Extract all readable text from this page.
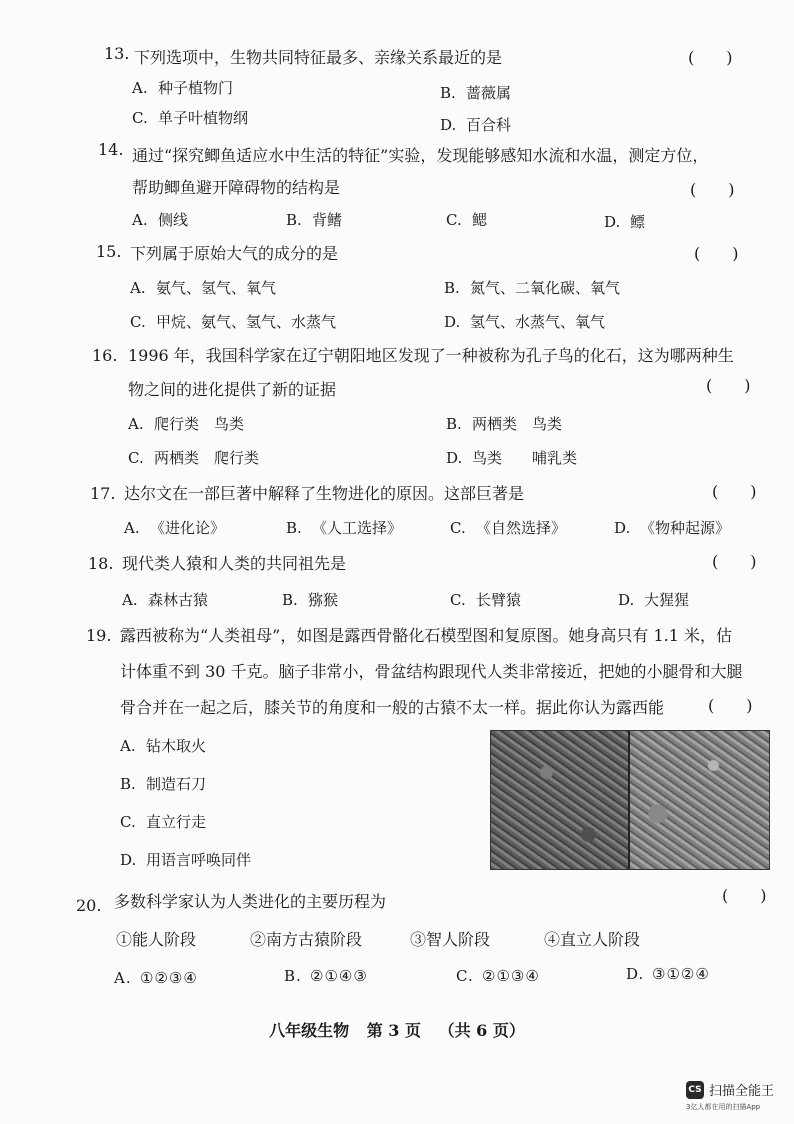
13. 下列选项中，生物共同特征最多、亲缘关系最近的是	(　　)
A. 种子植物门	B. 蔷薇属
C. 单子叶植物纲	D. 百合科
14. 通过“探究鲫鱼适应水中生活的特征”实验，发现能够感知水流和水温，测定方位，
帮助鲫鱼避开障碍物的结构是	(　　)
A. 侧线	B. 背鳍	C. 鳃	D. 鳔
15. 下列属于原始大气的成分的是	(　　)
A. 氨气、氢气、氧气	B. 氮气、二氧化碳、氧气
C. 甲烷、氨气、氢气、水蒸气	D. 氢气、水蒸气、氧气
16. 1996 年，我国科学家在辽宁朝阳地区发现了一种被称为孔子鸟的化石，这为哪两种生
物之间的进化提供了新的证据	(　　)
A. 爬行类　鸟类	B. 两栖类　鸟类
C. 两栖类　爬行类	D. 鸟类　　哺乳类
17. 达尔文在一部巨著中解释了生物进化的原因。这部巨著是	(　　)
A. 《进化论》	B. 《人工选择》	C. 《自然选择》	D. 《物种起源》
18. 现代类人猿和人类的共同祖先是	(　　)
A. 森林古猿	B. 猕猴	C. 长臂猿	D. 大猩猩
19. 露西被称为“人类祖母”，如图是露西骨骼化石模型图和复原图。她身高只有 1.1 米，估
计体重不到 30 千克。脑子非常小，骨盆结构跟现代人类非常接近，把她的小腿骨和大腿
骨合并在一起之后，膝关节的角度和一般的古猿不太一样。据此你认为露西能	(　　)
A. 钻木取火
B. 制造石刀
C. 直立行走
D. 用语言呼唤同伴
20. 多数科学家认为人类进化的主要历程为	(　　)
①能人阶段	②南方古猿阶段	③智人阶段	④直立人阶段
A. ①②③④	B. ②①④③	C. ②①③④	D. ③①②④
八年级生物 第 3 页 （共 6 页）
CS 扫描全能王
3亿人都在用的扫描App
